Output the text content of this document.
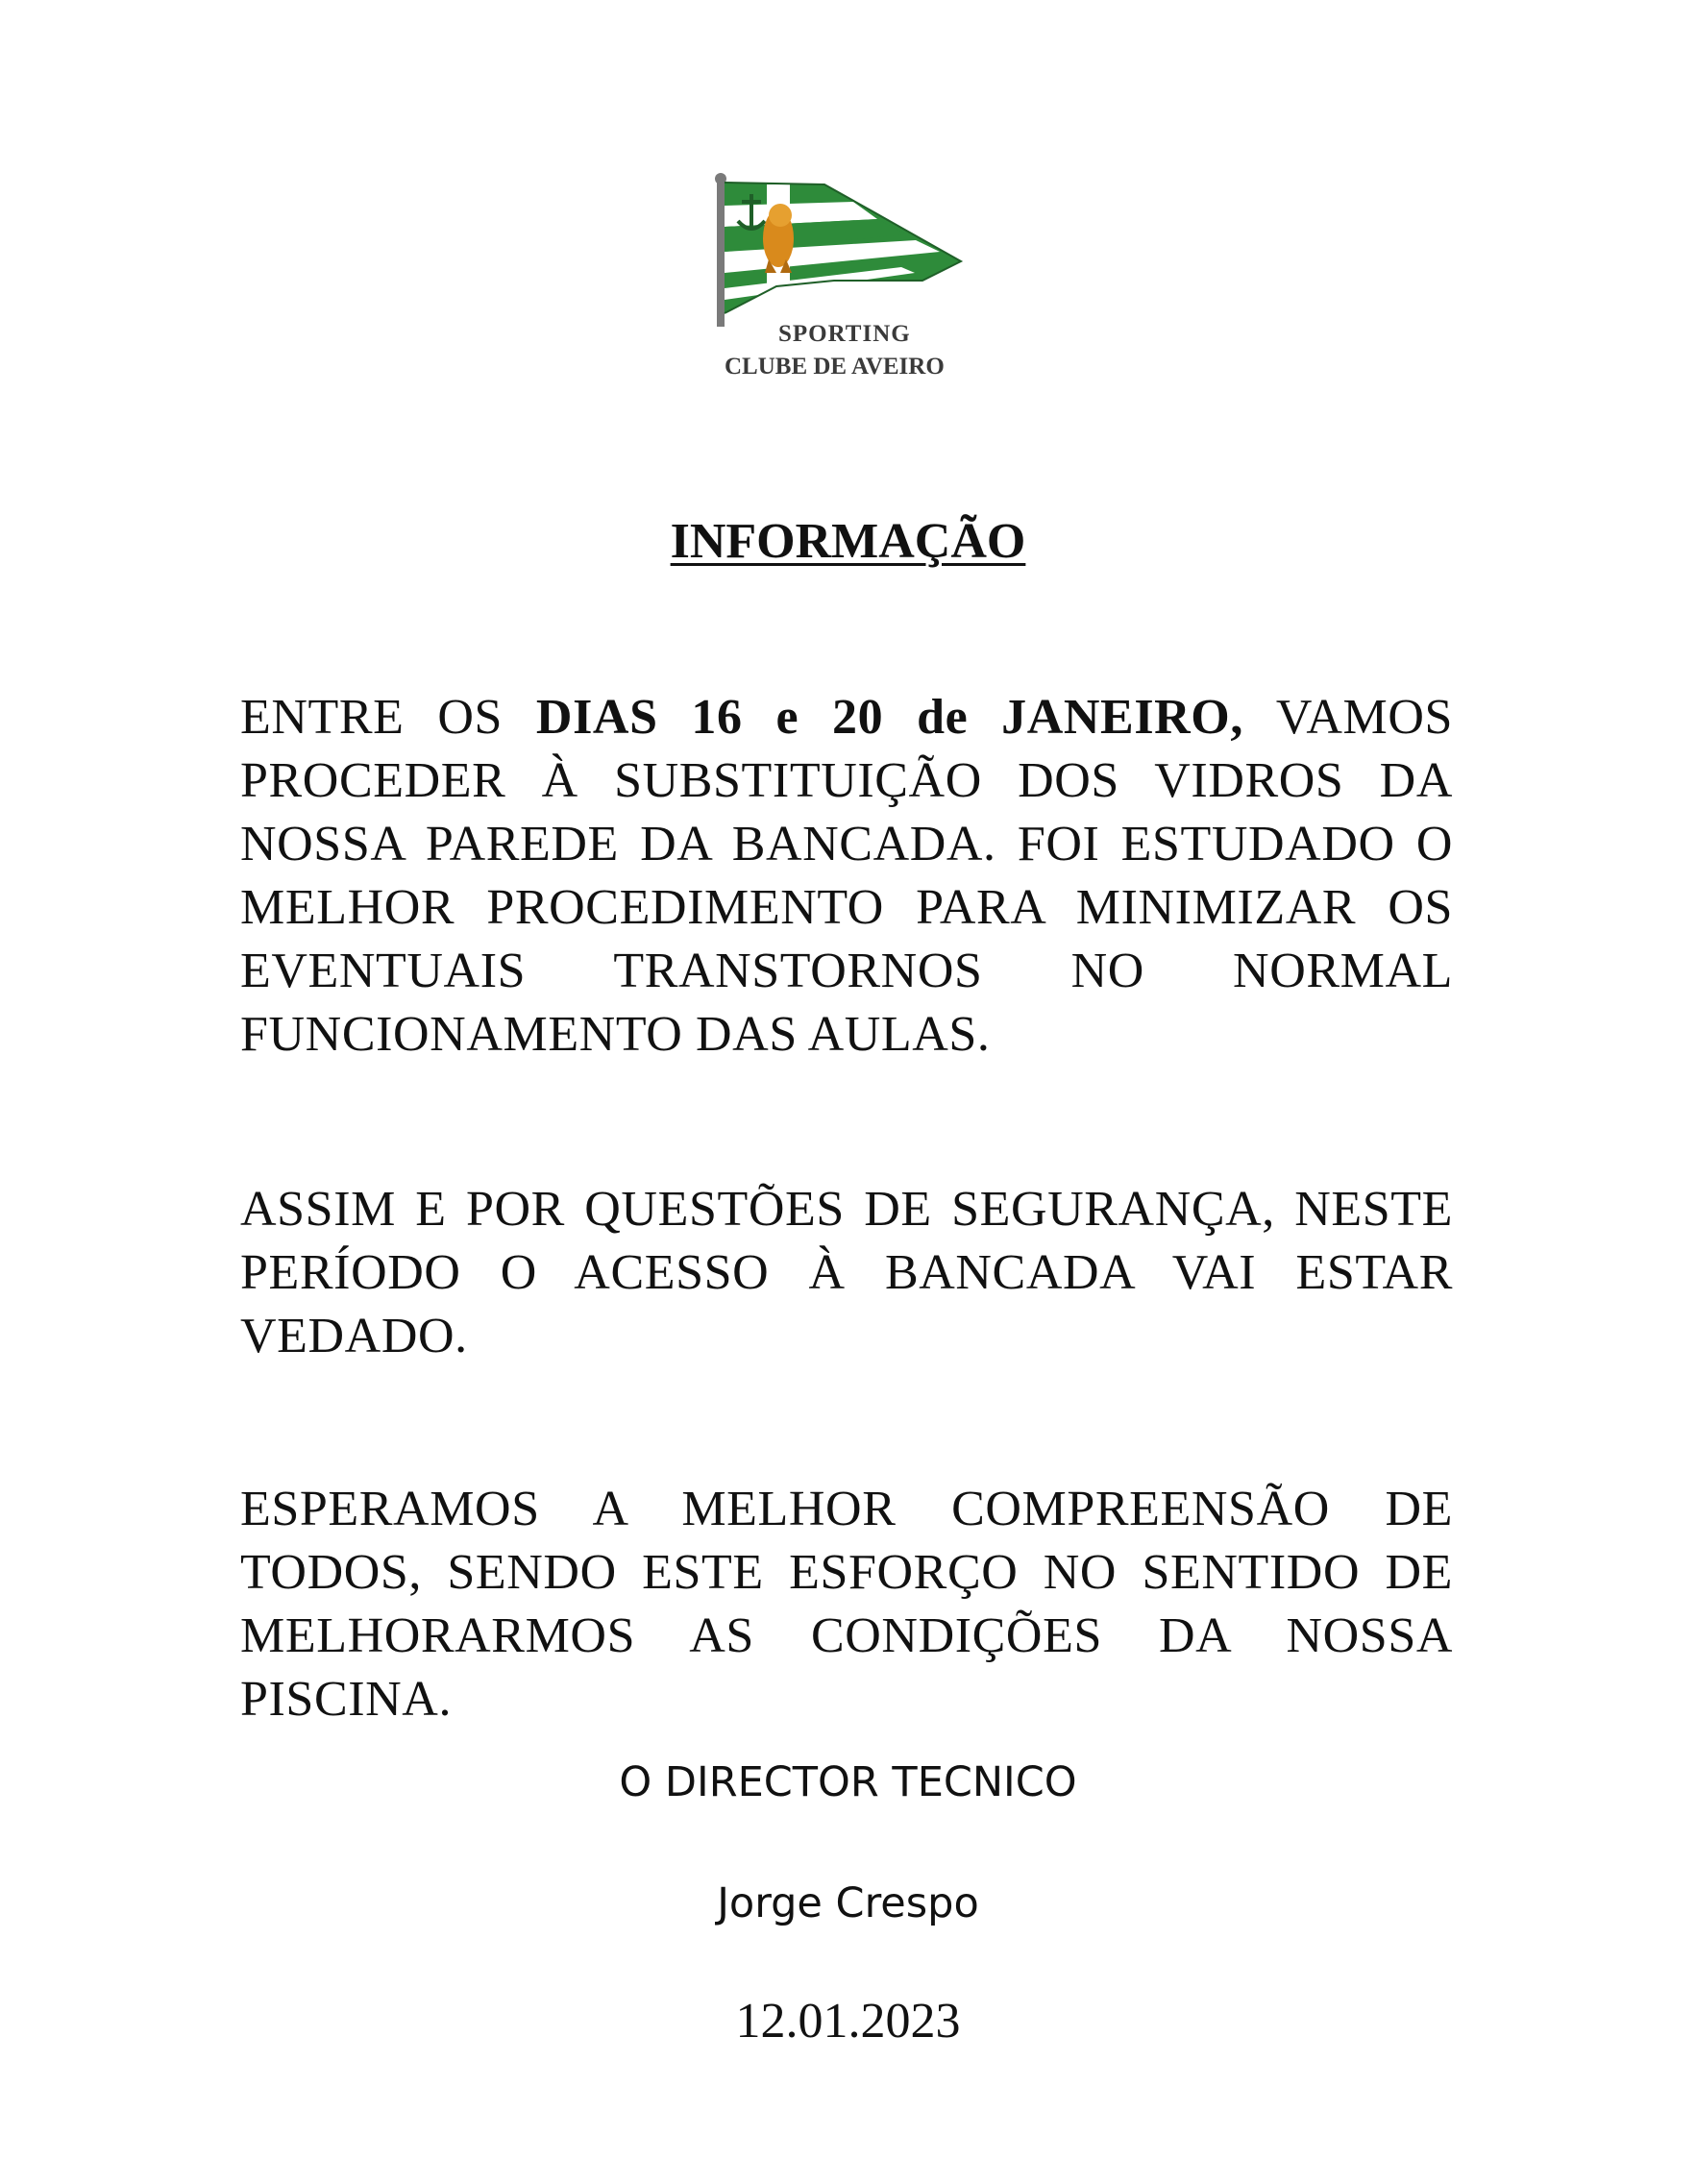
SPORTING
CLUBE DE AVEIRO
INFORMAÇÃO

ENTRE OS DIAS 16 e 20 de JANEIRO, VAMOS PROCEDER À SUBSTITUIÇÃO DOS VIDROS DA NOSSA PAREDE DA BANCADA. FOI ESTUDADO O MELHOR PROCEDIMENTO PARA MINIMIZAR OS EVENTUAIS TRANSTORNOS NO NORMAL FUNCIONAMENTO DAS AULAS.

ASSIM E POR QUESTÕES DE SEGURANÇA, NESTE PERÍODO O ACESSO À BANCADA VAI ESTAR VEDADO.

ESPERAMOS A MELHOR COMPREENSÃO DE TODOS, SENDO ESTE ESFORÇO NO SENTIDO DE MELHORARMOS AS CONDIÇÕES DA NOSSA PISCINA.

O DIRECTOR TECNICO
Jorge Crespo
12.01.2023
